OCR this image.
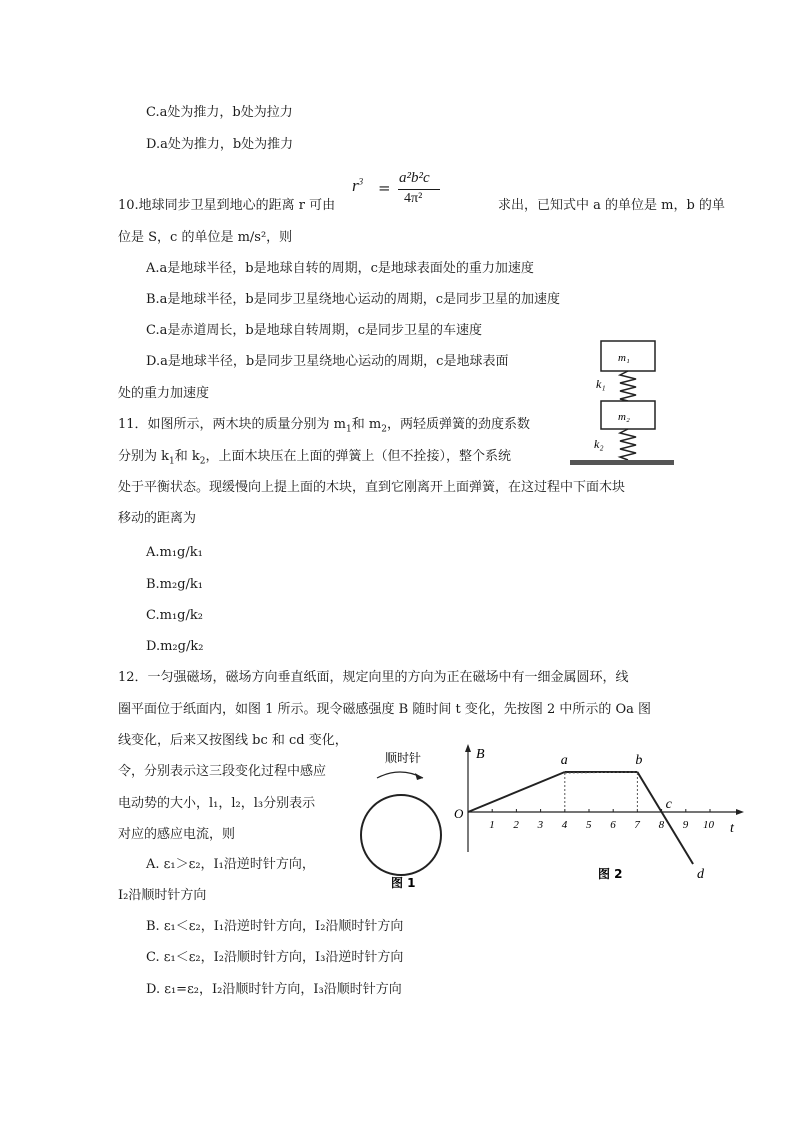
C.a处为推力，b处为拉力
D.a处为推力，b处为推力
10.地球同步卫星到地心的距离 r 可由
$r^3$ =
a²b²c
4π²	求出，已知式中 a 的单位是 m，b 的单
位是 S，c 的单位是 m/s²，则
A.a是地球半径，b是地球自转的周期，c是地球表面处的重力加速度
B.a是地球半径，b是同步卫星绕地心运动的周期，c是同步卫星的加速度
C.a是赤道周长，b是地球自转周期，c是同步卫星的车速度
D.a是地球半径，b是同步卫星绕地心运动的周期，c是地球表面
处的重力加速度
11．如图所示，两木块的质量分别为 $m_1$和 $m_2$，两轻质弹簧的劲度系数
分别为 $k_1$和 $k_2$，上面木块压在上面的弹簧上（但不拴接），整个系统
处于平衡状态。现缓慢向上提上面的木块，直到它刚离开上面弹簧，在这过程中下面木块
移动的距离为
A.m₁g/k₁
B.m₂g/k₁
C.m₁g/k₂
D.m₂g/k₂
m₁
k₁
m₂
k₂
12．一匀强磁场，磁场方向垂直纸面，规定向里的方向为正在磁场中有一细金属圆环，线
圈平面位于纸面内，如图 1 所示。现令磁感强度 B 随时间 t 变化，先按图 2 中所示的 Oa 图
线变化，后来又按图线 bc 和 cd 变化，
令，分别表示这三段变化过程中感应
电动势的大小，l₁，l₂，l₃分别表示
对应的感应电流，则
A. ε₁＞ε₂，I₁沿逆时针方向，
I₂沿顺时针方向
B. ε₁＜ε₂，I₁沿逆时针方向，I₂沿顺时针方向
C. ε₁＜ε₂，I₂沿顺时针方向，I₃沿逆时针方向
D. ε₁=ε₂，I₂沿顺时针方向，I₃沿顺时针方向
顺时针
图 1
B
t
O
1 2 3 4 5 6 7 8 9 10
a	b
c
d
图 2
